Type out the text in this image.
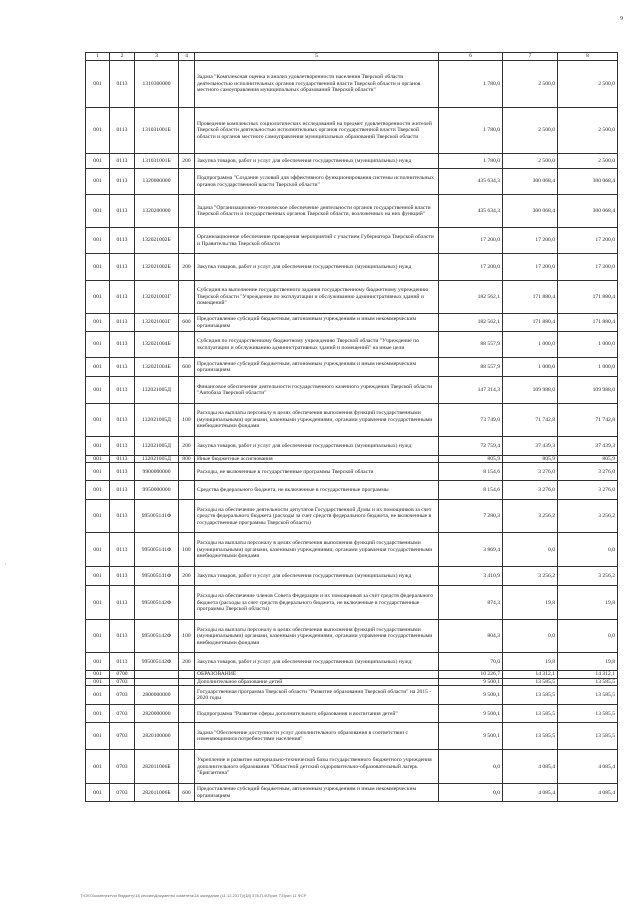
9
·
1	2	3	4	5	6	7	8
001	0113	1310300000		Задача "Комплексная оценка и анализ удовлетворенности населения Тверской области деятельностью исполнительных органов государственной власти Тверской области и органов местного самоуправления муниципальных образований Тверской области"	1 780,0	2 500,0	2 500,0
001	0113	131031001Б		Проведение комплексных социологических исследований на предмет удовлетворенности жителей Тверской области деятельностью исполнительных органов государственной власти Тверской области и органов местного самоуправления муниципальных образований Тверской области	1 780,0	2 500,0	2 500,0
001	0113	131031001Б	200	Закупка товаров, работ и услуг для обеспечения государственных (муниципальных) нужд	1 780,0	2 500,0	2 500,0
001	0113	1320000000		Подпрограмма "Создание условий для эффективного функционирования системы исполнительных органов государственной власти Тверской области"	435 634,3	300 068,4	300 068,4
001	0113	1320200000		Задача "Организационно-техническое обеспечение деятельности органов государственной власти Тверской области и государственных органов Тверской области, возложенных на них функций"	435 634,3	300 068,4	300 068,4
001	0113	132021002Б		Организационное обеспечение проведения мероприятий с участием Губернатора Тверской области и Правительства Тверской области	17 200,0	17 200,0	17 200,0
001	0113	132021002Б	200	Закупка товаров, работ и услуг для обеспечения государственных (муниципальных) нужд	17 200,0	17 200,0	17 200,0
001	0113	132021003Г		Субсидия на выполнение государственного задания государственному бюджетному учреждению Тверской области "Учреждение по эксплуатации и обслуживанию административных зданий и помещений"	182 562,1	171 880,4	171 880,4
001	0113	132021003Г	600	Предоставление субсидий бюджетным, автономным учреждениям и иным некоммерческим организациям	182 562,1	171 880,4	171 880,4
001	0113	132021004Б		Субсидия по государственному бюджетному учреждению Тверской области "Учреждение по эксплуатации и обслуживанию административных зданий и помещений" на иные цели	88 557,9	1 000,0	1 000,0
001	0113	132021004Б	600	Предоставление субсидий бюджетным, автономным учреждениям и иным некоммерческим организациям	88 557,9	1 000,0	1 000,0
001	0113	132021005Д		Финансовое обеспечение деятельности государственного казенного учреждения Тверской области "Автобаза Тверской области"	147 314,3	109 988,0	109 988,0
001	0113	132021005Д	100	Расходы на выплаты персоналу в целях обеспечения выполнения функций государственными (муниципальными) органами, казенными учреждениями, органами управления государственными внебюджетными фондами	73 749,0	71 742,8	71 742,8
001	0113	132021005Д	200	Закупка товаров, работ и услуг для обеспечения государственных (муниципальных) нужд	72 759,4	37 439,3	37 439,3
001	0113	132021005Д	800	Иные бюджетные ассигнования	805,9	805,9	805,9
001	0113	9900000000		Расходы, не включенные в государственные программы Тверской области	8 154,6	3 276,0	3 276,0
001	0113	9950000000		Средства федерального бюджета, не включенные в государственные программы	8 154,6	3 276,0	3 276,0
001	0113	995005141Ф		Расходы на обеспечение деятельности депутатов Государственной Думы и их помощников за счет средств федерального бюджета (расходы за счет средств федерального бюджета, не включенные в государственные программы Тверской области)	7 280,3	3 256,2	3 256,2
001	0113	995005141Ф	100	Расходы на выплаты персоналу в целях обеспечения выполнения функций государственными (муниципальными) органами, казенными учреждениями, органами управления государственными внебюджетными фондами	3 869,4	0,0	0,0
001	0113	995005141Ф	200	Закупка товаров, работ и услуг для обеспечения государственных (муниципальных) нужд	3 410,9	3 256,2	3 256,2
001	0113	995005142Ф		Расходы на обеспечение членов Совета Федерации и их помощников за счет средств федерального бюджета (расходы за счет средств федерального бюджета, не включенные в государственные программы Тверской области)	874,3	19,8	19,8
001	0113	995005142Ф	100	Расходы на выплаты персоналу в целях обеспечения выполнения функций государственными (муниципальными) органами, казенными учреждениями, органами управления государственными внебюджетными фондами	804,3	0,0	0,0
001	0113	995005142Ф	200	Закупка товаров, работ и услуг для обеспечения государственных (муниципальных) нужд	70,0	19,8	19,8
001	0700			ОБРАЗОВАНИЕ	10 226,7	14 312,1	14 312,1
001	0703			Дополнительное образование детей	9 500,1	13 585,5	13 585,5
001	0703	2800000000		Государственная программа Тверской области "Развитие образования Тверской области" на 2015 - 2020 годы	9 500,1	13 585,5	13 585,5
001	0703	2820000000		Подпрограмма "Развитие сферы дополнительного образования и воспитания детей"	9 500,1	13 585,5	13 585,5
001	0703	2820100000		Задача "Обеспечение доступности услуг дополнительного образования в соответствии с изменяющимися потребностями населения"	9 500,1	13 585,5	13 585,5
001	0703	282011006Б		Укрепление и развитие материально-технической базы государственного бюджетного учреждения дополнительного образования "Областной детский оздоровительно-образовательный лагерь "Бригантина"	0,0	4 085,4	4 085,4
001	0703	282011006Б	600	Предоставление субсидий бюджетным, автономным учреждениям и иным некоммерческим организациям	0,0	4 085,4	4 085,4
T:\OEO\комплект\по бюджету\18 сессия\Документы комитета\18 заседание (11.12.2017)\(18) 378-П-6\Прил 7\Прил 11 ФСР
